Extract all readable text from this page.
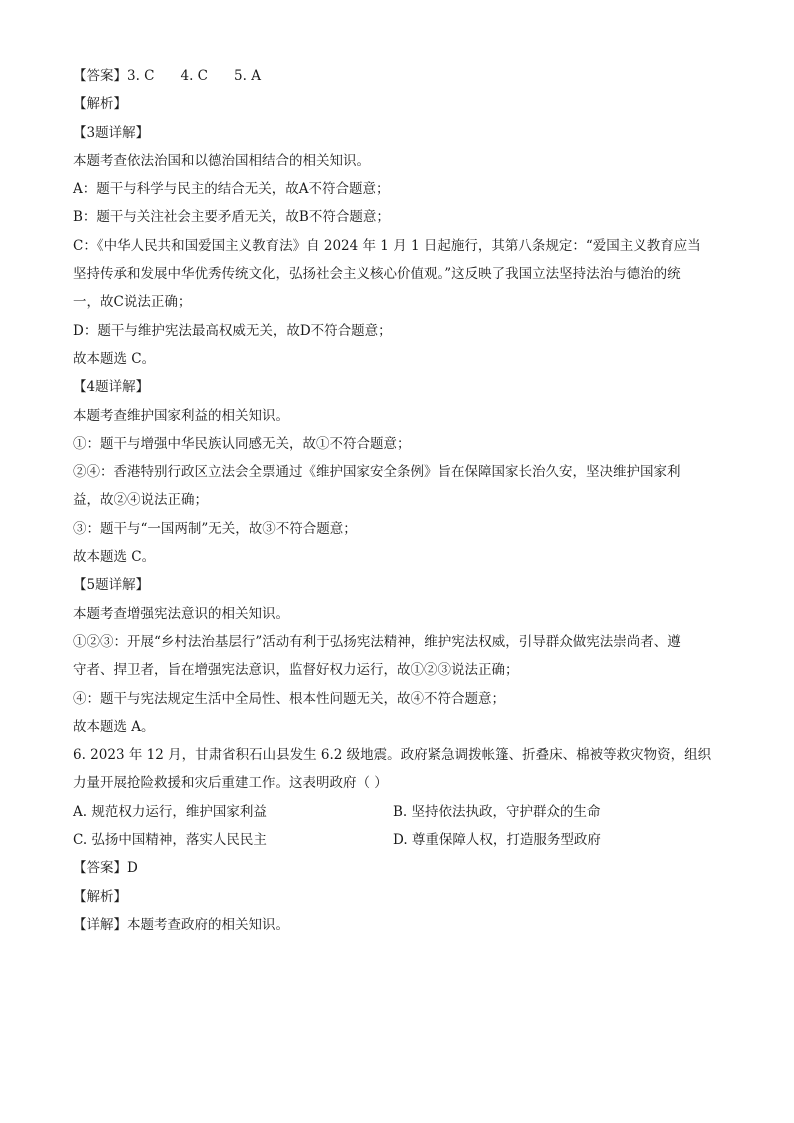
【答案】3. C 4. C 5. A
【解析】
【3题详解】
本题考查依法治国和以德治国相结合的相关知识。
A：题干与科学与民主的结合无关，故A不符合题意；
B：题干与关注社会主要矛盾无关，故B不符合题意；
C：《中华人民共和国爱国主义教育法》自 2024 年 1 月 1 日起施行，其第八条规定：“爱国主义教育应当
坚持传承和发展中华优秀传统文化，弘扬社会主义核心价值观。”这反映了我国立法坚持法治与德治的统
一，故C说法正确；
D：题干与维护宪法最高权威无关，故D不符合题意；
故本题选 C。
【4题详解】
本题考查维护国家利益的相关知识。
①：题干与增强中华民族认同感无关，故①不符合题意；
②④：香港特别行政区立法会全票通过《维护国家安全条例》旨在保障国家长治久安，坚决维护国家利
益，故②④说法正确；
③：题干与“一国两制”无关，故③不符合题意；
故本题选 C。
【5题详解】
本题考查增强宪法意识的相关知识。
①②③：开展“乡村法治基层行”活动有利于弘扬宪法精神，维护宪法权威，引导群众做宪法崇尚者、遵
守者、捍卫者，旨在增强宪法意识，监督好权力运行，故①②③说法正确；
④：题干与宪法规定生活中全局性、根本性问题无关，故④不符合题意；
故本题选 A。
6. 2023 年 12 月，甘肃省积石山县发生 6.2 级地震。政府紧急调拨帐篷、折叠床、棉被等救灾物资，组织
力量开展抢险救援和灾后重建工作。这表明政府（ ）
A. 规范权力运行，维护国家利益	B. 坚持依法执政，守护群众的生命
C. 弘扬中国精神，落实人民民主	D. 尊重保障人权，打造服务型政府
【答案】D
【解析】
【详解】本题考查政府的相关知识。
